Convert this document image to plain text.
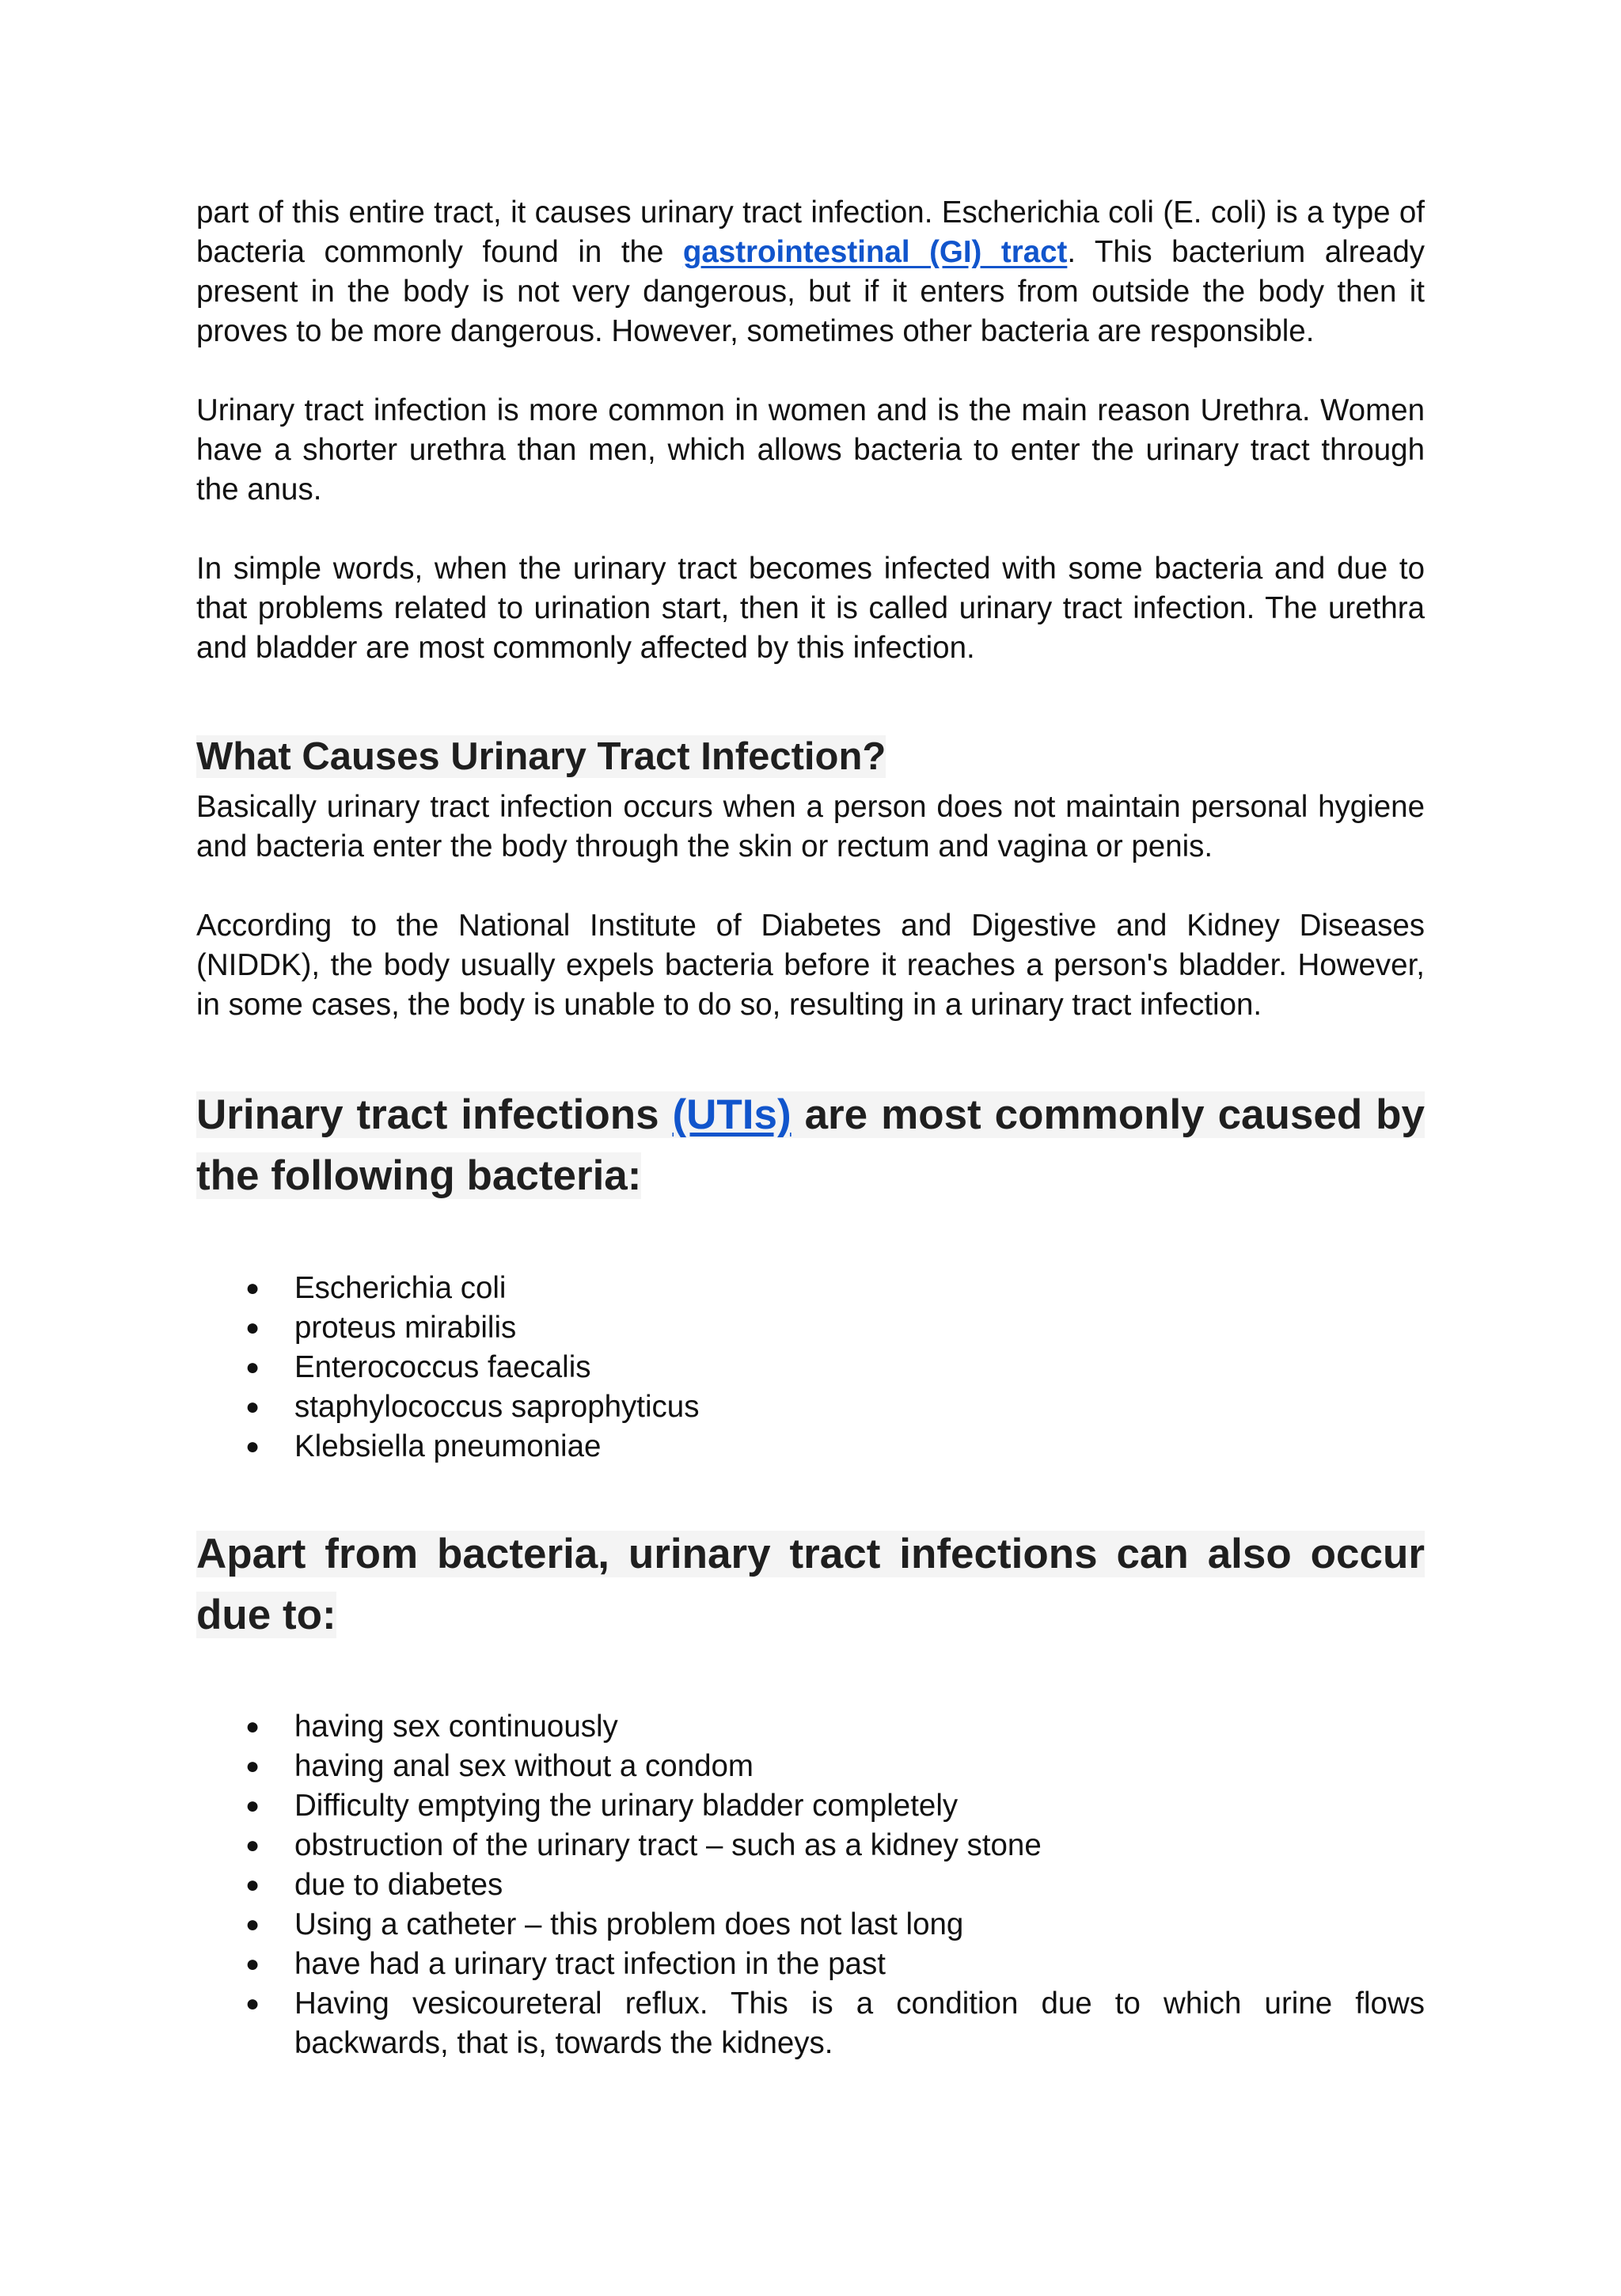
part of this entire tract, it causes urinary tract infection. Escherichia coli (E. coli) is a type of bacteria commonly found in the gastrointestinal (GI) tract. This bacterium already present in the body is not very dangerous, but if it enters from outside the body then it proves to be more dangerous. However, sometimes other bacteria are responsible.

Urinary tract infection is more common in women and is the main reason Urethra. Women have a shorter urethra than men, which allows bacteria to enter the urinary tract through the anus.

In simple words, when the urinary tract becomes infected with some bacteria and due to that problems related to urination start, then it is called urinary tract infection. The urethra and bladder are most commonly affected by this infection.

What Causes Urinary Tract Infection?

Basically urinary tract infection occurs when a person does not maintain personal hygiene and bacteria enter the body through the skin or rectum and vagina or penis.

According to the National Institute of Diabetes and Digestive and Kidney Diseases (NIDDK), the body usually expels bacteria before it reaches a person's bladder. However, in some cases, the body is unable to do so, resulting in a urinary tract infection.

Urinary tract infections (UTIs) are most commonly caused by the following bacteria:
● Escherichia coli
● proteus mirabilis
● Enterococcus faecalis
● staphylococcus saprophyticus
● Klebsiella pneumoniae
Apart from bacteria, urinary tract infections can also occur due to:
● having sex continuously
● having anal sex without a condom
● Difficulty emptying the urinary bladder completely
● obstruction of the urinary tract – such as a kidney stone
● due to diabetes
● Using a catheter – this problem does not last long
● have had a urinary tract infection in the past
● Having vesicoureteral reflux. This is a condition due to which urine flows backwards, that is, towards the kidneys.
